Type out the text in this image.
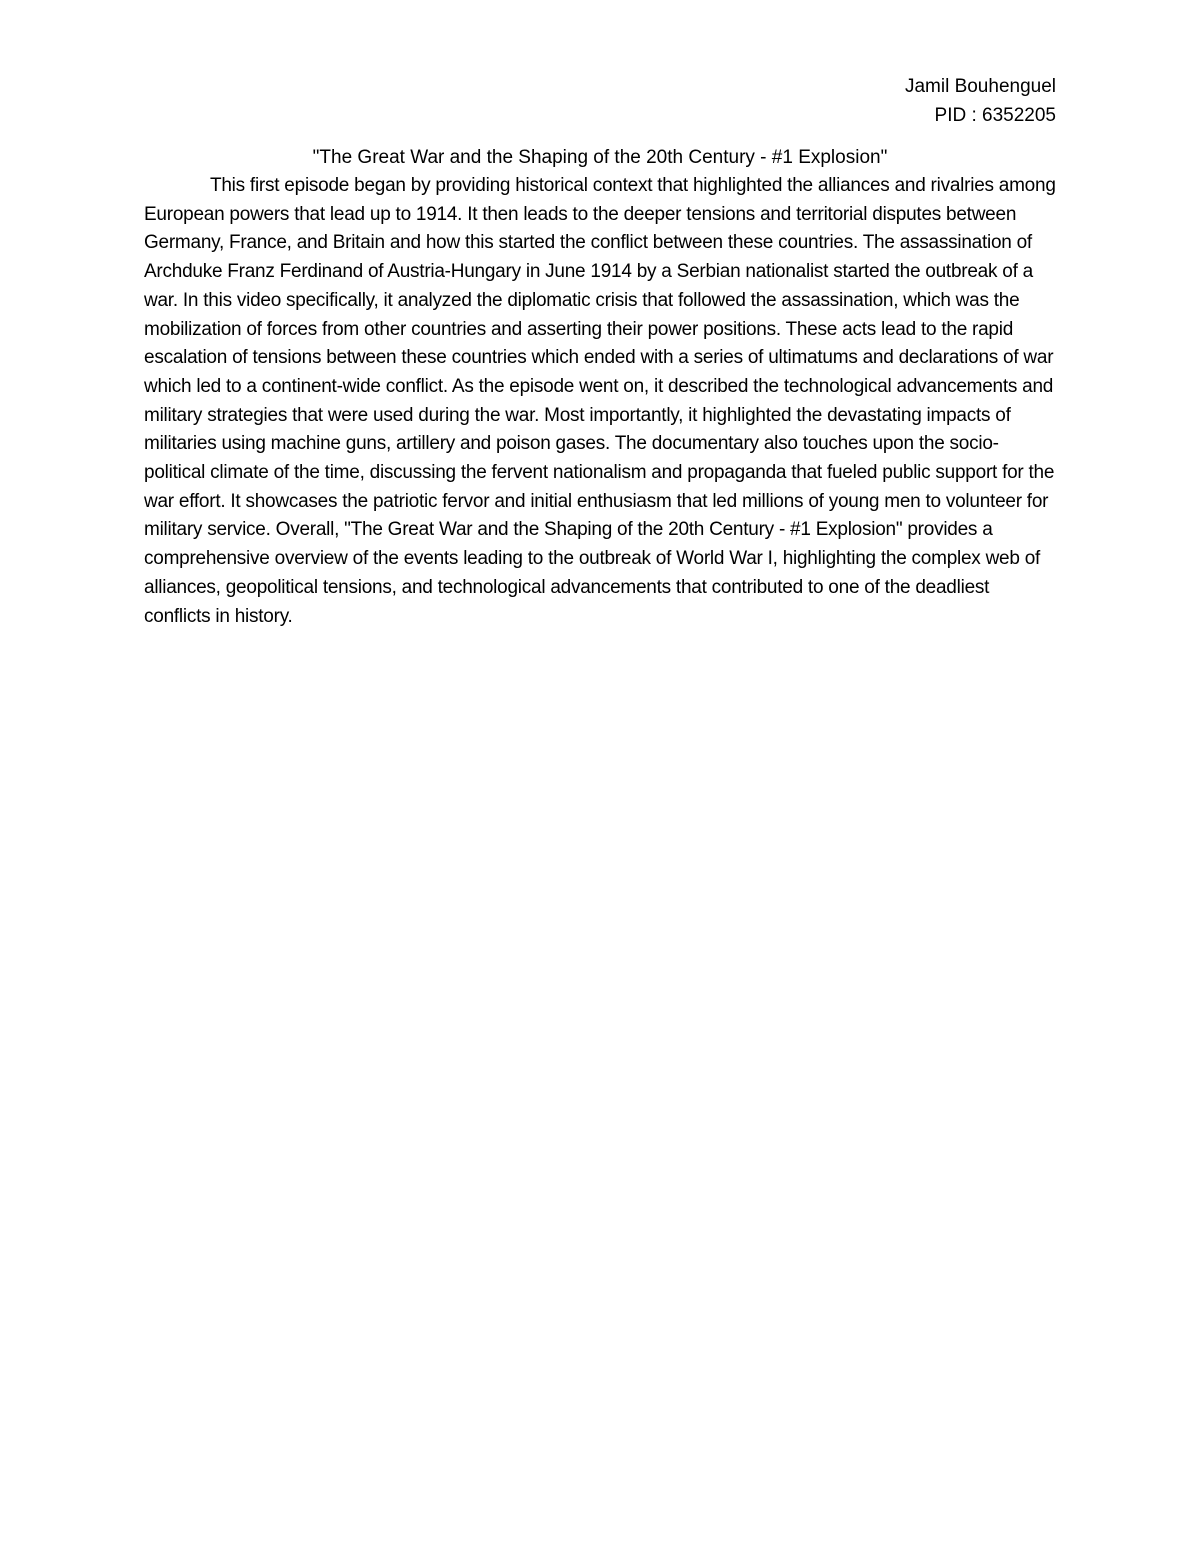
Jamil Bouhenguel
PID : 6352205
"The Great War and the Shaping of the 20th Century - #1 Explosion"

This first episode began by providing historical context that highlighted the alliances and rivalries among European powers that lead up to 1914. It then leads to the deeper tensions and territorial disputes between Germany, France, and Britain and how this started the conflict between these countries. The assassination of Archduke Franz Ferdinand of Austria-Hungary in June 1914 by a Serbian nationalist started the outbreak of a war. In this video specifically, it analyzed the diplomatic crisis that followed the assassination, which was the mobilization of forces from other countries and asserting their power positions. These acts lead to the rapid escalation of tensions between these countries which ended with a series of ultimatums and declarations of war which led to a continent-wide conflict. As the episode went on, it described the technological advancements and military strategies that were used during the war. Most importantly, it highlighted the devastating impacts of militaries using machine guns, artillery and poison gases. The documentary also touches upon the socio-political climate of the time, discussing the fervent nationalism and propaganda that fueled public support for the war effort. It showcases the patriotic fervor and initial enthusiasm that led millions of young men to volunteer for military service. Overall, "The Great War and the Shaping of the 20th Century - #1 Explosion" provides a comprehensive overview of the events leading to the outbreak of World War I, highlighting the complex web of alliances, geopolitical tensions, and technological advancements that contributed to one of the deadliest conflicts in history.
